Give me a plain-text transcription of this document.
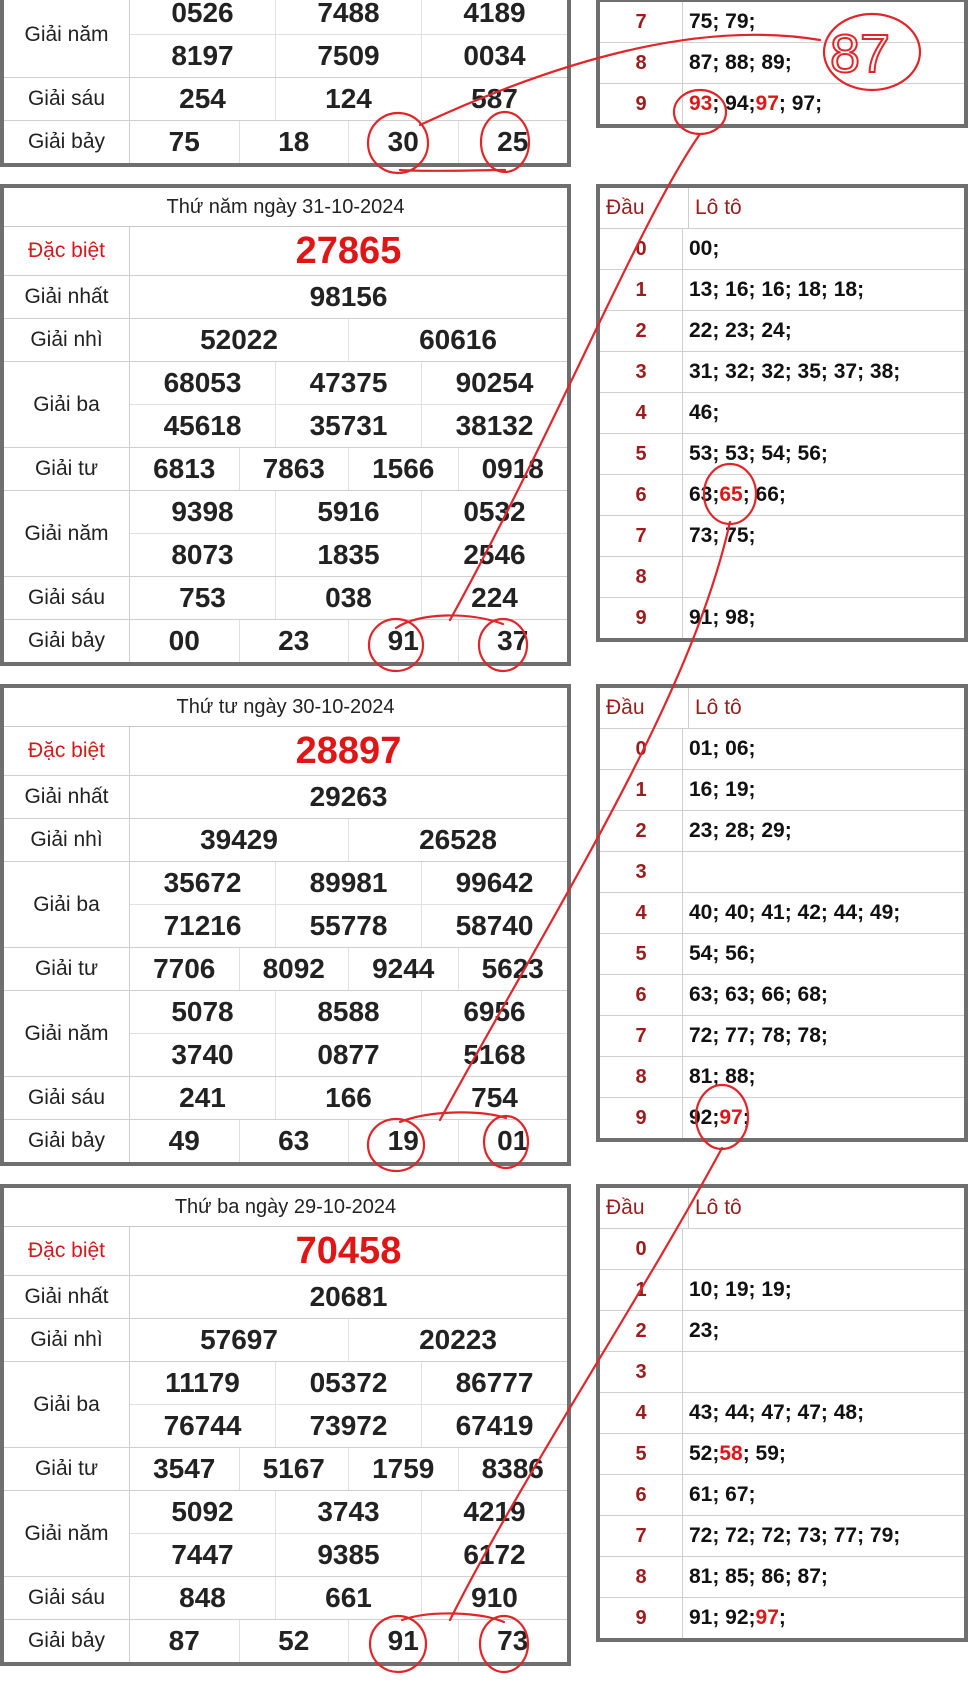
Giải năm
0526	7488	4189
8197	7509	0034
Giải sáu	254	124	587
Giải bảy	75	18	30	25
7	75; 79;
8	87; 88; 89;
9	93 ; 94; 97 ; 97;
Thứ năm ngày 31-10-2024
Đặc biệt	27865
Giải nhất	98156
Giải nhì	52022	60616
Giải ba
68053	47375	90254
45618	35731	38132
Giải tư	6813	7863	1566	0918
Giải năm
9398	5916	0532
8073	1835	2546
Giải sáu	753	038	224
Giải bảy	00	23	91	37
Đầu	Lô tô
0	00;
1	13; 16; 16; 18; 18;
2	22; 23; 24;
3	31; 32; 32; 35; 37; 38;
4	46;
5	53; 53; 54; 56;
6	63; 65 ; 66;
7	73; 75;
8
9	91; 98;
Thứ tư ngày 30-10-2024
Đặc biệt	28897
Giải nhất	29263
Giải nhì	39429	26528
Giải ba
35672	89981	99642
71216	55778	58740
Giải tư	7706	8092	9244	5623
Giải năm
5078	8588	6956
3740	0877	5168
Giải sáu	241	166	754
Giải bảy	49	63	19	01
Đầu	Lô tô
0	01; 06;
1	16; 19;
2	23; 28; 29;
3
4	40; 40; 41; 42; 44; 49;
5	54; 56;
6	63; 63; 66; 68;
7	72; 77; 78; 78;
8	81; 88;
9	92; 97 ;
Thứ ba ngày 29-10-2024
Đặc biệt	70458
Giải nhất	20681
Giải nhì	57697	20223
Giải ba
11179	05372	86777
76744	73972	67419
Giải tư	3547	5167	1759	8386
Giải năm
5092	3743	4219
7447	9385	6172
Giải sáu	848	661	910
Giải bảy	87	52	91	73
Đầu	Lô tô
0
1	10; 19; 19;
2	23;
3
4	43; 44; 47; 47; 48;
5	52; 58 ; 59;
6	61; 67;
7	72; 72; 72; 73; 77; 79;
8	81; 85; 86; 87;
9	91; 92; 97 ;
87
